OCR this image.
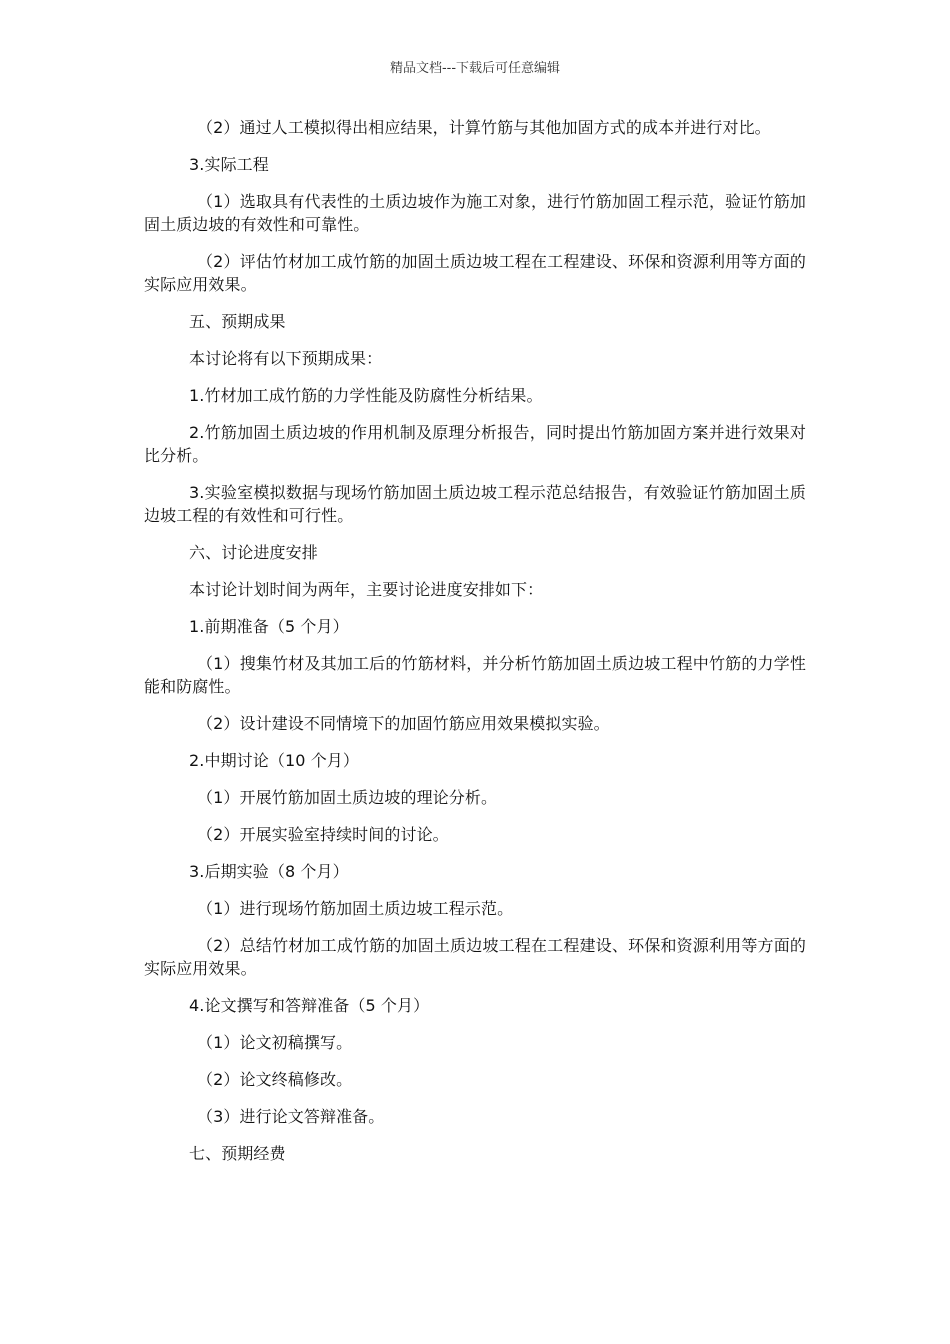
精品文档---下载后可任意编辑

（2）通过人工模拟得出相应结果，计算竹筋与其他加固方式的成本并进行对比。

3.实际工程

（1）选取具有代表性的土质边坡作为施工对象，进行竹筋加固工程示范，验证竹筋加固土质边坡的有效性和可靠性。

（2）评估竹材加工成竹筋的加固土质边坡工程在工程建设、环保和资源利用等方面的实际应用效果。

五、预期成果

本讨论将有以下预期成果：

1.竹材加工成竹筋的力学性能及防腐性分析结果。

2.竹筋加固土质边坡的作用机制及原理分析报告，同时提出竹筋加固方案并进行效果对比分析。

3.实验室模拟数据与现场竹筋加固土质边坡工程示范总结报告，有效验证竹筋加固土质边坡工程的有效性和可行性。

六、讨论进度安排

本讨论计划时间为两年，主要讨论进度安排如下：

1.前期准备（5 个月）

（1）搜集竹材及其加工后的竹筋材料，并分析竹筋加固土质边坡工程中竹筋的力学性能和防腐性。

（2）设计建设不同情境下的加固竹筋应用效果模拟实验。

2.中期讨论（10 个月）

（1）开展竹筋加固土质边坡的理论分析。

（2）开展实验室持续时间的讨论。

3.后期实验（8 个月）

（1）进行现场竹筋加固土质边坡工程示范。

（2）总结竹材加工成竹筋的加固土质边坡工程在工程建设、环保和资源利用等方面的实际应用效果。

4.论文撰写和答辩准备（5 个月）

（1）论文初稿撰写。

（2）论文终稿修改。

（3）进行论文答辩准备。

七、预期经费
